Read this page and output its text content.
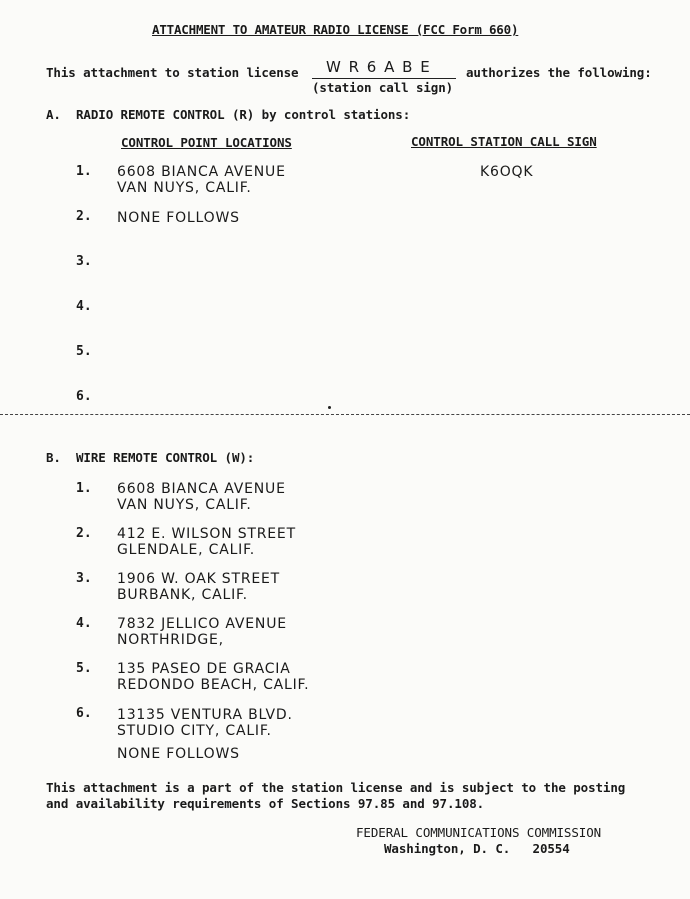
ATTACHMENT TO AMATEUR RADIO LICENSE (FCC Form 660)
This attachment to station license W R 6 A B E
(station call sign)
authorizes the following:
A. RADIO REMOTE CONTROL (R) by control stations:
CONTROL POINT LOCATIONS	CONTROL STATION CALL SIGN
1. 6608 BIANCA AVENUE
VAN NUYS, CALIF.
K6OQK
2. NONE FOLLOWS
3.
4.
5.
6.
B. WIRE REMOTE CONTROL (W):
1. 6608 BIANCA AVENUE
VAN NUYS, CALIF.
2. 412 E. WILSON STREET
GLENDALE, CALIF.
3. 1906 W. OAK STREET
BURBANK, CALIF.
4. 7832 JELLICO AVENUE
NORTHRIDGE,
5. 135 PASEO DE GRACIA
REDONDO BEACH, CALIF.
6. 13135 VENTURA BLVD.
STUDIO CITY, CALIF.
NONE FOLLOWS
This attachment is a part of the station license and is subject to the posting
and availability requirements of Sections 97.85 and 97.108.
FEDERAL COMMUNICATIONS COMMISSION
Washington, D. C.   20554
